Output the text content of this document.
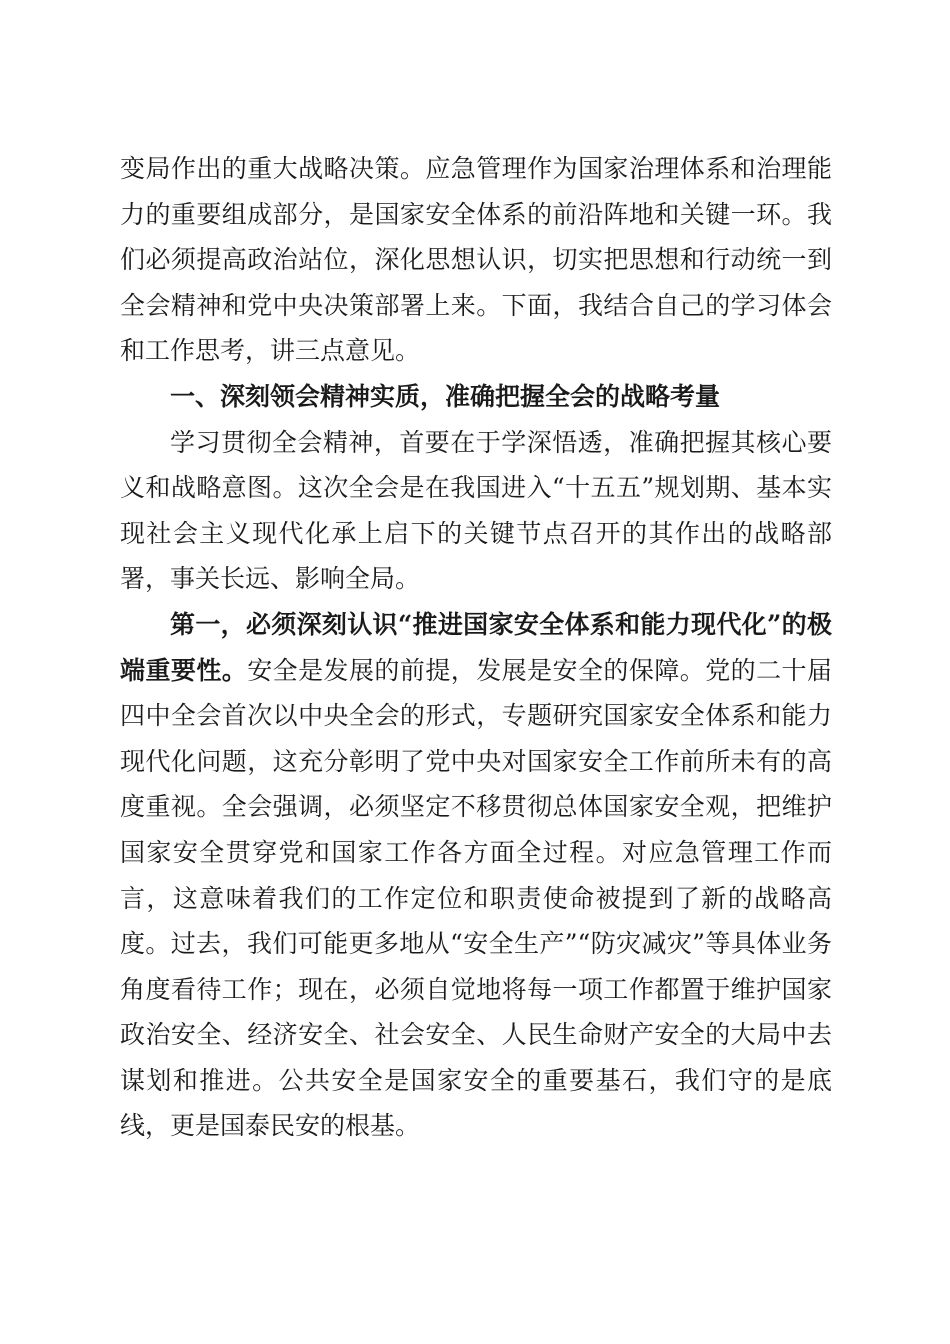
变局作出的重大战略决策。应急管理作为国家治理体系和治理能力的重要组成部分，是国家安全体系的前沿阵地和关键一环。我们必须提高政治站位，深化思想认识，切实把思想和行动统一到全会精神和党中央决策部署上来。下面，我结合自己的学习体会和工作思考，讲三点意见。

一、深刻领会精神实质，准确把握全会的战略考量

学习贯彻全会精神，首要在于学深悟透，准确把握其核心要义和战略意图。这次全会是在我国进入“十五五”规划期、基本实现社会主义现代化承上启下的关键节点召开的其作出的战略部署，事关长远、影响全局。

第一，必须深刻认识“推进国家安全体系和能力现代化”的极端重要性。安全是发展的前提，发展是安全的保障。党的二十届四中全会首次以中央全会的形式，专题研究国家安全体系和能力现代化问题，这充分彰明了党中央对国家安全工作前所未有的高度重视。全会强调，必须坚定不移贯彻总体国家安全观，把维护国家安全贯穿党和国家工作各方面全过程。对应急管理工作而言，这意味着我们的工作定位和职责使命被提到了新的战略高度。过去，我们可能更多地从“安全生产”“防灾减灾”等具体业务角度看待工作；现在，必须自觉地将每一项工作都置于维护国家政治安全、经济安全、社会安全、人民生命财产安全的大局中去谋划和推进。公共安全是国家安全的重要基石，我们守的是底线，更是国泰民安的根基。
